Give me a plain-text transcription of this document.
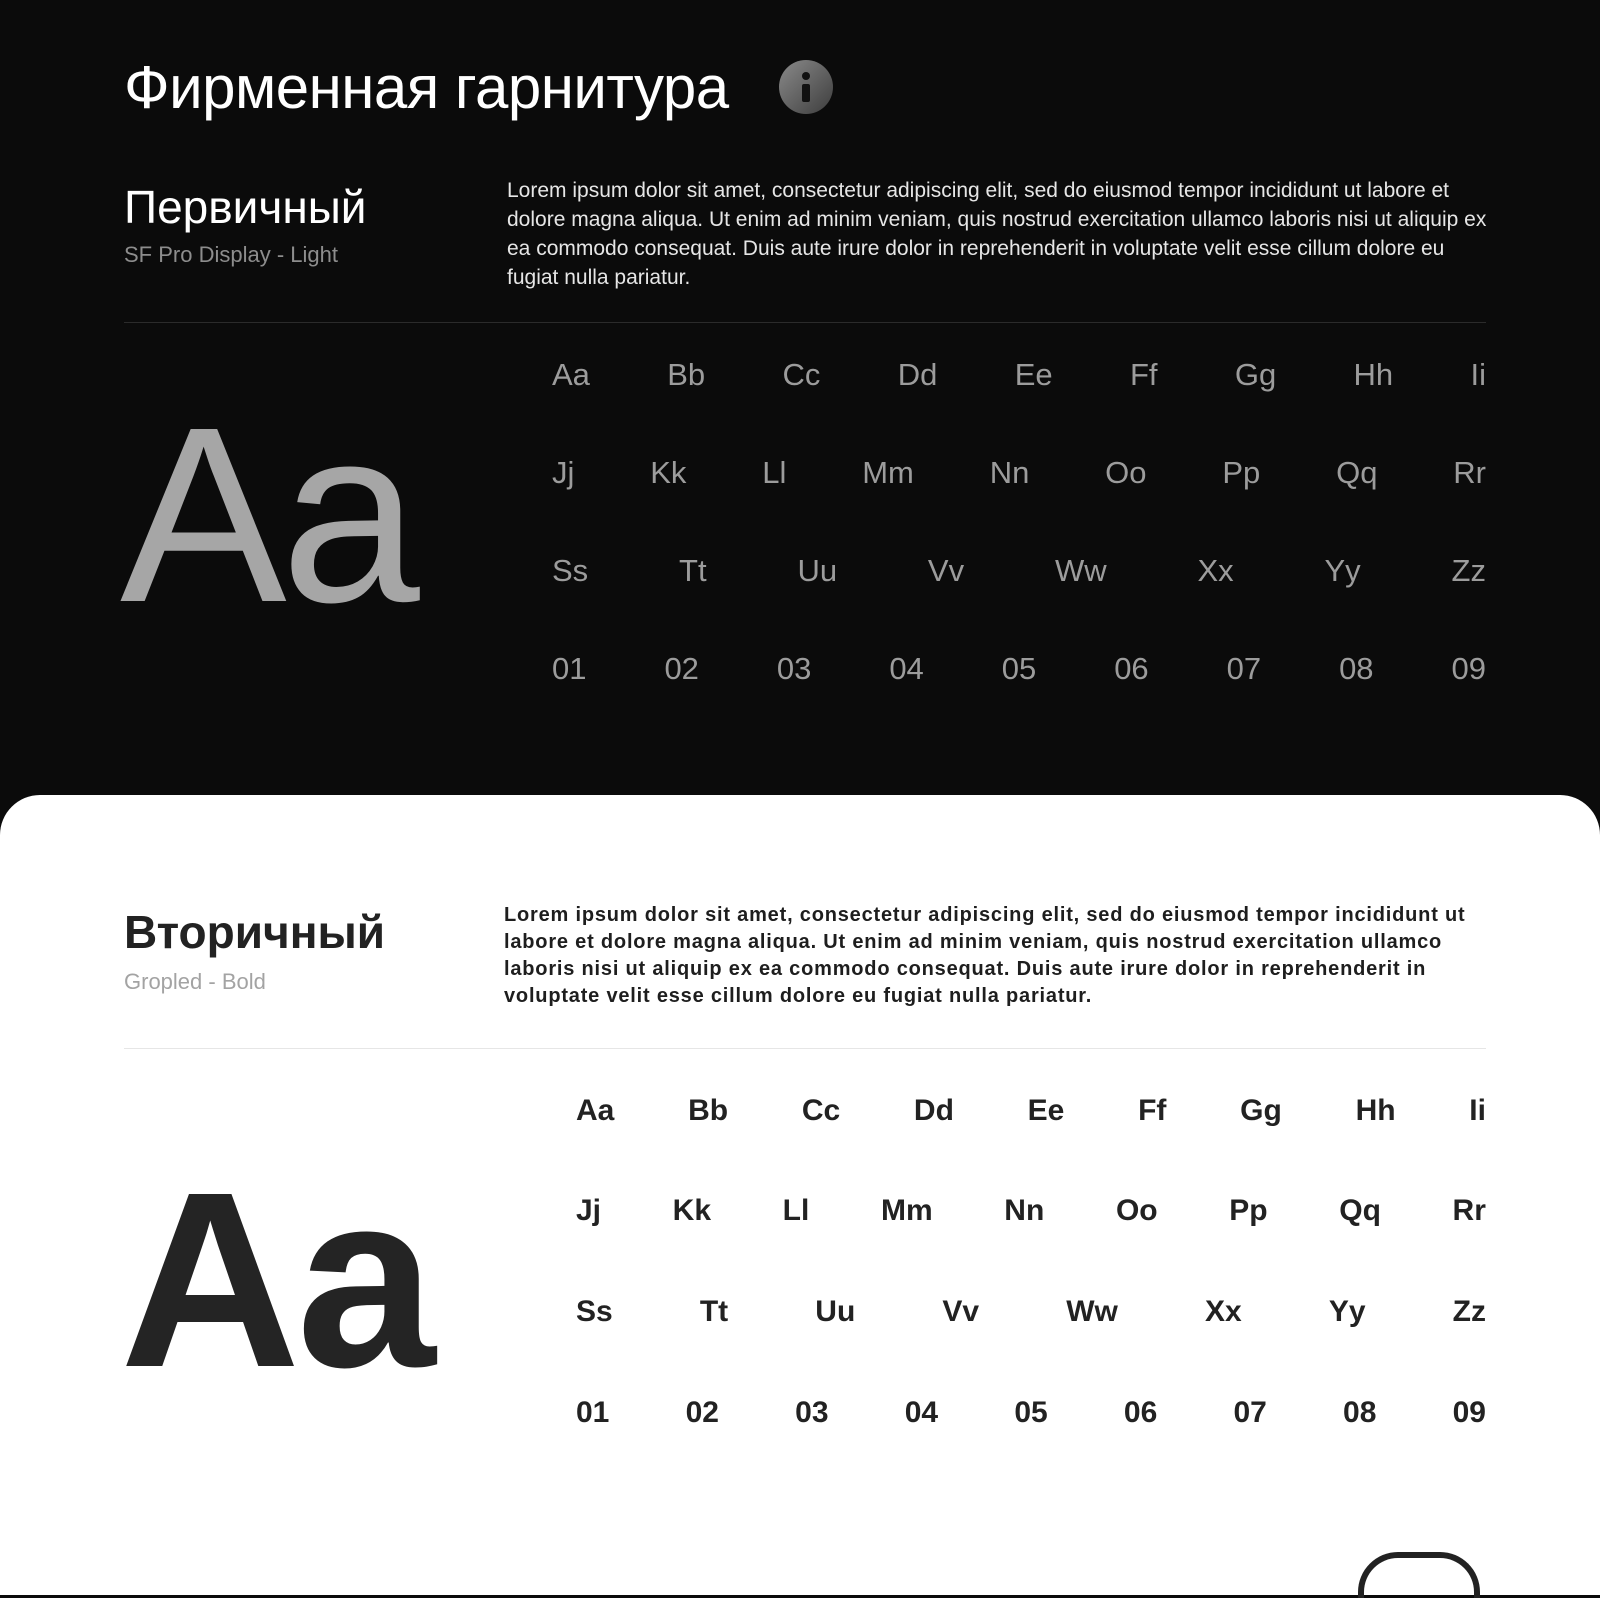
Фирменная гарнитура
Первичный
SF Pro Display - Light
Lorem ipsum dolor sit amet, consectetur adipiscing elit, sed do eiusmod tempor incididunt ut labore et dolore magna aliqua. Ut enim ad minim veniam, quis nostrud exercitation ullamco laboris nisi ut aliquip ex ea commodo consequat. Duis aute irure dolor in reprehenderit in voluptate velit esse cillum dolore eu fugiat nulla pariatur.
Aa
Aa Bb Cc Dd Ee Ff Gg Hh Ii
Jj Kk Ll Mm Nn Oo Pp Qq Rr
Ss	Tt	Uu	Vv	Ww	Xx	Yy	Zz
01	02	03	04	05	06	07	08	09
Вторичный
Gropled - Bold
Lorem ipsum dolor sit amet, consectetur adipiscing elit, sed do eiusmod tempor incididunt ut labore et dolore magna aliqua. Ut enim ad minim veniam, quis nostrud exercitation ullamco laboris nisi ut aliquip ex ea commodo consequat. Duis aute irure dolor in reprehenderit in voluptate velit esse cillum dolore eu fugiat nulla pariatur.
Aa
Aa Bb Cc Dd Ee Ff Gg Hh Ii
Jj Kk Ll Mm Nn Oo Pp Qq Rr
Ss	Tt	Uu	Vv	Ww	Xx	Yy	Zz
01	02	03	04	05	06	07	08	09
